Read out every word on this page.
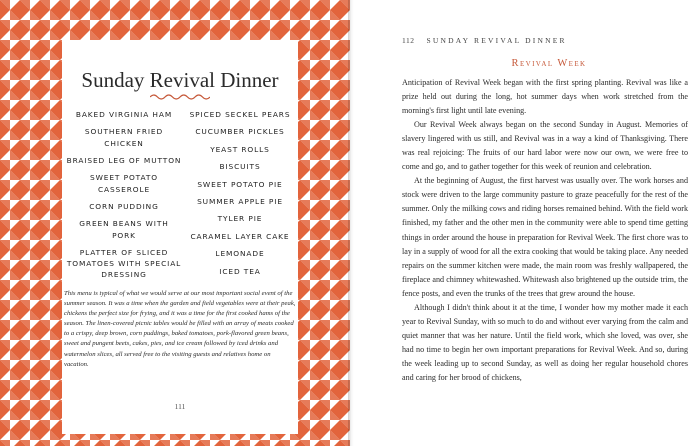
Sunday Revival Dinner
BAKED VIRGINIA HAM
SOUTHERN FRIED CHICKEN
BRAISED LEG OF MUTTON
SWEET POTATO CASSEROLE
CORN PUDDING
GREEN BEANS WITH PORK
PLATTER OF SLICED TOMATOES WITH SPECIAL DRESSING
SPICED SECKEL PEARS
CUCUMBER PICKLES
YEAST ROLLS
BISCUITS
SWEET POTATO PIE
SUMMER APPLE PIE
TYLER PIE
CARAMEL LAYER CAKE
LEMONADE
ICED TEA

This menu is typical of what we would serve at our most important social event of the summer season. It was a time when the garden and field vegetables were at their peak, chickens the perfect size for frying, and it was a time for the first cooked hams of the season. The linen-covered picnic tables would be filled with an array of meats cooked to a crispy, deep brown, corn puddings, baked tomatoes, pork-flavored green beans, sweet and pungent beets, cakes, pies, and ice cream followed by iced drinks and watermelon slices, all served free to the visiting guests and relatives home on vacation.

111
112 SUNDAY REVIVAL DINNER
Revival Week

Anticipation of Revival Week began with the first spring planting. Revival was like a prize held out during the long, hot summer days when work stretched from the morning's first light until late evening.

Our Revival Week always began on the second Sunday in August. Memories of slavery lingered with us still, and Revival was in a way a kind of Thanksgiving. There was real rejoicing: The fruits of our hard labor were now our own, we were free to come and go, and to gather together for this week of reunion and celebration.

At the beginning of August, the first harvest was usually over. The work horses and stock were driven to the large community pasture to graze peacefully for the rest of the summer. Only the milking cows and riding horses remained behind. With the field work finished, my father and the other men in the community were able to spend time getting things in order around the house in preparation for Revival Week. The first chore was to lay in a supply of wood for all the extra cooking that would be taking place. Any needed repairs on the summer kitchen were made, the main room was freshly wallpapered, the fireplace and chimney whitewashed. Whitewash also brightened up the outside trim, the fence posts, and even the trunks of the trees that grew around the house.

Although I didn't think about it at the time, I wonder how my mother made it each year to Revival Sunday, with so much to do and without ever varying from the calm and quiet manner that was her nature. Until the field work, which she loved, was over, she had no time to begin her own important preparations for Revival Week. And so, during the week leading up to second Sunday, as well as doing her regular household chores and caring for her brood of chickens,
